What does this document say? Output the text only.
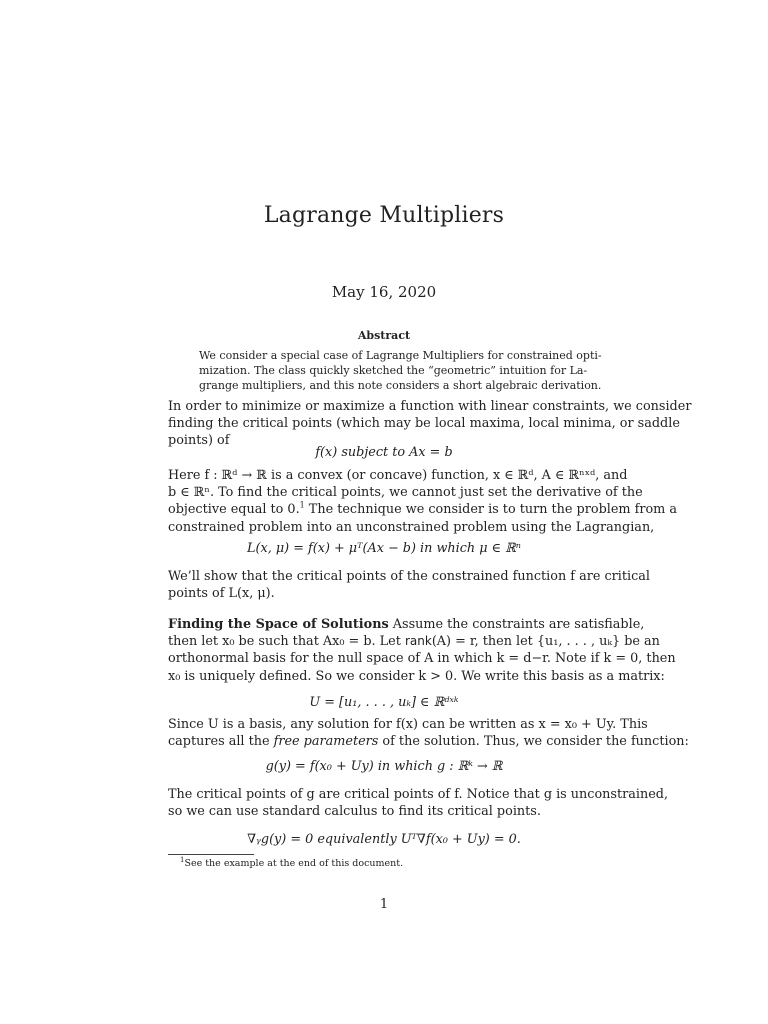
Lagrange Multipliers
May 16, 2020
Abstract
We consider a special case of Lagrange Multipliers for constrained opti-
mization. The class quickly sketched the “geometric” intuition for La-
grange multipliers, and this note considers a short algebraic derivation.
In order to minimize or maximize a function with linear constraints, we consider
finding the critical points (which may be local maxima, local minima, or saddle
points) of
f(x) subject to Ax = b
Here f : ℝᵈ → ℝ is a convex (or concave) function, x ∈ ℝᵈ, A ∈ ℝⁿˣᵈ, and
b ∈ ℝⁿ. To find the critical points, we cannot just set the derivative of the
objective equal to 0.$^1$ The technique we consider is to turn the problem from a
constrained problem into an unconstrained problem using the Lagrangian,
L(x, μ) = f(x) + μᵀ(Ax − b) in which μ ∈ ℝⁿ
We’ll show that the critical points of the constrained function f are critical
points of L(x, μ).
Finding the Space of Solutions Assume the constraints are satisfiable,
then let x₀ be such that Ax₀ = b. Let rank(A) = r, then let {u₁, . . . , uₖ} be an
orthonormal basis for the null space of A in which k = d−r. Note if k = 0, then
x₀ is uniquely defined. So we consider k > 0. We write this basis as a matrix:
U = [u₁, . . . , uₖ] ∈ ℝᵈˣᵏ
Since U is a basis, any solution for f(x) can be written as x = x₀ + Uy. This
captures all the free parameters of the solution. Thus, we consider the function:
g(y) = f(x₀ + Uy) in which g : ℝᵏ → ℝ
The critical points of g are critical points of f. Notice that g is unconstrained,
so we can use standard calculus to find its critical points.
∇ᵧg(y) = 0 equivalently Uᵀ∇f(x₀ + Uy) = 0.
$^1$See the example at the end of this document.
1
